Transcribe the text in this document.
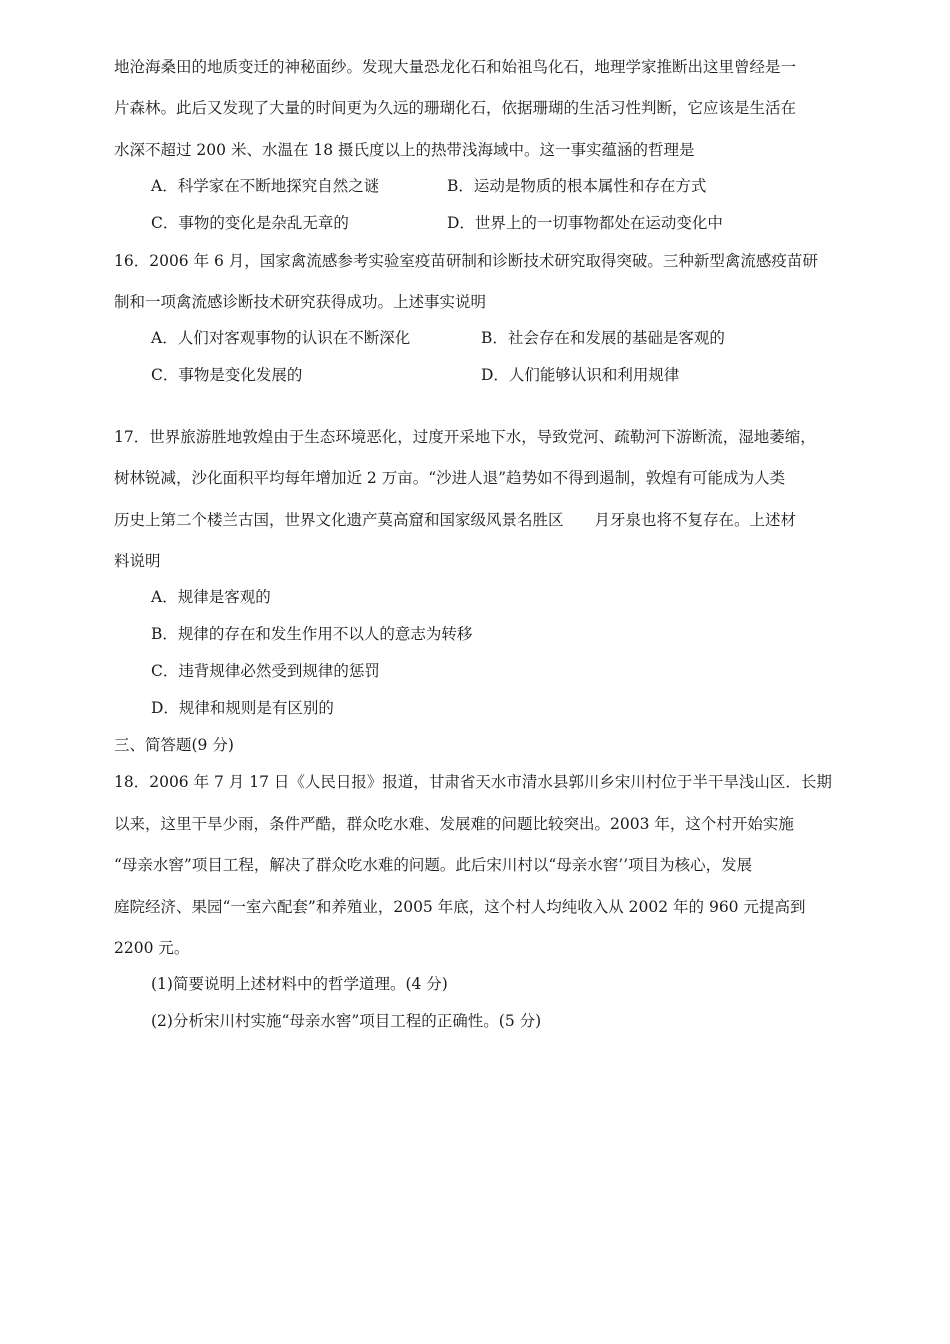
地沧海桑田的地质变迁的神秘面纱。发现大量恐龙化石和始祖鸟化石，地理学家推断出这里曾经是一
片森林。此后又发现了大量的时间更为久远的珊瑚化石，依据珊瑚的生活习性判断，它应该是生活在
水深不超过 200 米、水温在 18 摄氏度以上的热带浅海域中。这一事实蕴涵的哲理是
A．科学家在不断地探究自然之谜	B．运动是物质的根本属性和存在方式
C．事物的变化是杂乱无章的	D．世界上的一切事物都处在运动变化中
16．2006 年 6 月，国家禽流感参考实验室疫苗研制和诊断技术研究取得突破。三种新型禽流感疫苗研
制和一项禽流感诊断技术研究获得成功。上述事实说明
A．人们对客观事物的认识在不断深化	B．社会存在和发展的基础是客观的
C．事物是变化发展的	D．人们能够认识和利用规律
17．世界旅游胜地敦煌由于生态环境恶化，过度开采地下水，导致党河、疏勒河下游断流，湿地萎缩，
树林锐减，沙化面积平均每年增加近 2 万亩。“沙进人退”趋势如不得到遏制，敦煌有可能成为人类
历史上第二个楼兰古国，世界文化遗产莫高窟和国家级风景名胜区　　月牙泉也将不复存在。上述材
料说明
A．规律是客观的
B．规律的存在和发生作用不以人的意志为转移
C．违背规律必然受到规律的惩罚
D．规律和规则是有区别的
三、简答题(9 分)
18．2006 年 7 月 17 日《人民日报》报道，甘肃省天水市清水县郭川乡宋川村位于半干旱浅山区．长期
以来，这里干旱少雨，条件严酷，群众吃水难、发展难的问题比较突出。2003 年，这个村开始实施
“母亲水窖”项目工程，解决了群众吃水难的问题。此后宋川村以“母亲水窖’’项目为核心，发展
庭院经济、果园“一室六配套”和养殖业，2005 年底，这个村人均纯收入从 2002 年的 960 元提高到
2200 元。
(1)简要说明上述材料中的哲学道理。(4 分)
(2)分析宋川村实施“母亲水窖”项目工程的正确性。(5 分)
